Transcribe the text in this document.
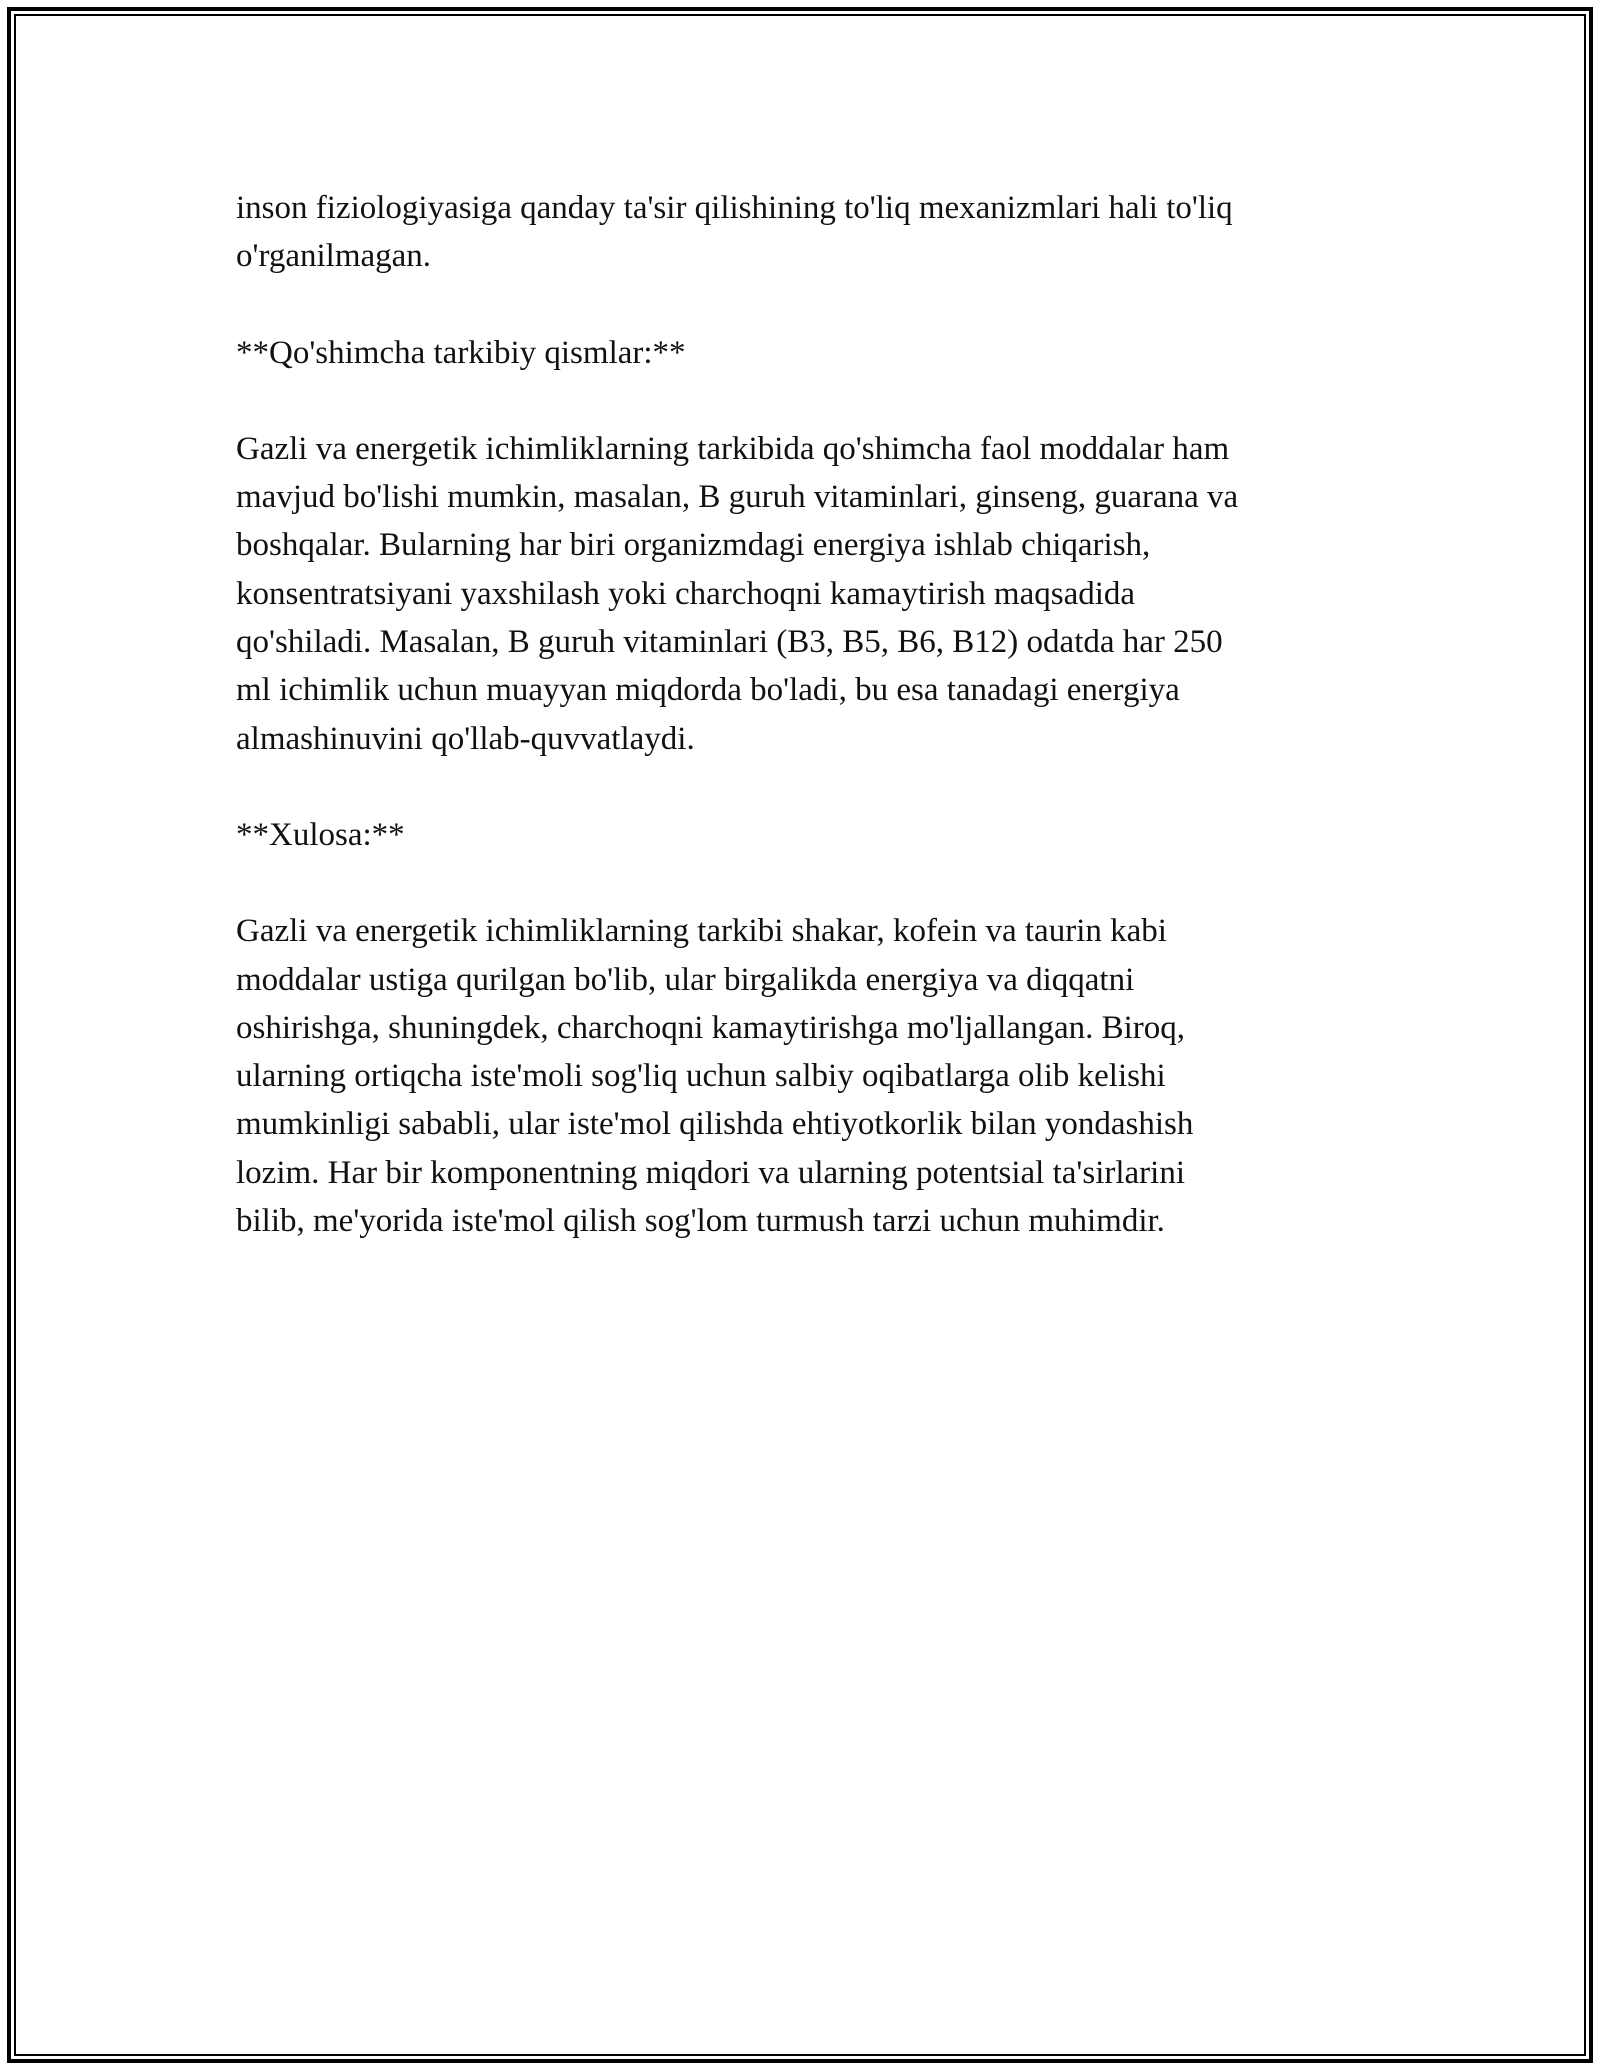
inson fiziologiyasiga qanday ta'sir qilishining to'liq mexanizmlari hali to'liq
o'rganilmagan.

**Qo'shimcha tarkibiy qismlar:**

Gazli va energetik ichimliklarning tarkibida qo'shimcha faol moddalar ham
mavjud bo'lishi mumkin, masalan, B guruh vitaminlari, ginseng, guarana va
boshqalar. Bularning har biri organizmdagi energiya ishlab chiqarish,
konsentratsiyani yaxshilash yoki charchoqni kamaytirish maqsadida
qo'shiladi. Masalan, B guruh vitaminlari (B3, B5, B6, B12) odatda har 250
ml ichimlik uchun muayyan miqdorda bo'ladi, bu esa tanadagi energiya
almashinuvini qo'llab-quvvatlaydi.

**Xulosa:**

Gazli va energetik ichimliklarning tarkibi shakar, kofein va taurin kabi
moddalar ustiga qurilgan bo'lib, ular birgalikda energiya va diqqatni
oshirishga, shuningdek, charchoqni kamaytirishga mo'ljallangan. Biroq,
ularning ortiqcha iste'moli sog'liq uchun salbiy oqibatlarga olib kelishi
mumkinligi sababli, ular iste'mol qilishda ehtiyotkorlik bilan yondashish
lozim. Har bir komponentning miqdori va ularning potentsial ta'sirlarini
bilib, me'yorida iste'mol qilish sog'lom turmush tarzi uchun muhimdir.
